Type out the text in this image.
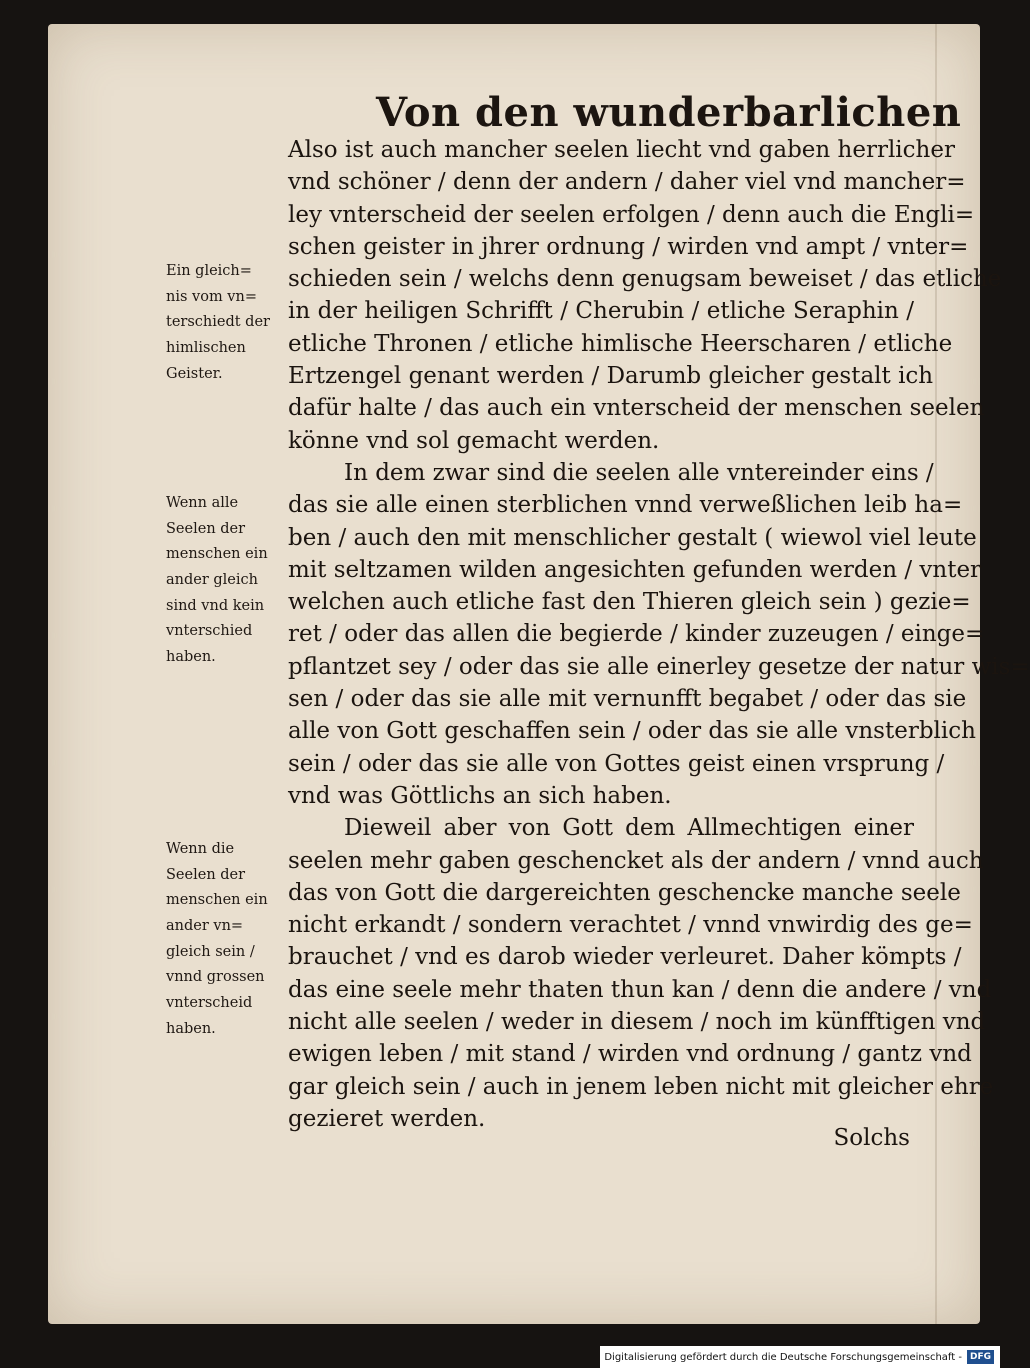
Von den wunderbarlichen
Also ist auch mancher seelen liecht vnd gaben herrlicher
vnd schöner / denn der andern / daher viel vnd mancher=
ley vnterscheid der seelen erfolgen / denn auch die Engli=
schen geister in jhrer ordnung / wirden vnd ampt / vnter=
schieden sein / welchs denn genugsam beweiset / das etliche
in der heiligen Schrifft / Cherubin / etliche Seraphin /
etliche Thronen / etliche himlische Heerscharen / etliche
Ertzengel genant werden / Darumb gleicher gestalt ich
dafür halte / das auch ein vnterscheid der menschen seelen
könne vnd sol gemacht werden.
In dem zwar sind die seelen alle vntereinder eins /
das sie alle einen sterblichen vnnd verweßlichen leib ha=
ben / auch den mit menschlicher gestalt ( wiewol viel leute
mit seltzamen wilden angesichten gefunden werden / vnter
welchen auch etliche fast den Thieren gleich sein ) gezie=
ret / oder das allen die begierde / kinder zuzeugen / einge=
pflantzet sey / oder das sie alle einerley gesetze der natur wis=
sen / oder das sie alle mit vernunfft begabet / oder das sie
alle von Gott geschaffen sein / oder das sie alle vnsterblich
sein / oder das sie alle von Gottes geist einen vrsprung /
vnd was Göttlichs an sich haben.
Dieweil aber von Gott dem Allmechtigen einer
seelen mehr gaben geschencket als der andern / vnnd auch
das von Gott die dargereichten geschencke manche seele
nicht erkandt / sondern verachtet / vnnd vnwirdig des ge=
brauchet / vnd es darob wieder verleuret. Daher kömpts /
das eine seele mehr thaten thun kan / denn die andere / vnd
nicht alle seelen / weder in diesem / noch im künfftigen vnd
ewigen leben / mit stand / wirden vnd ordnung / gantz vnd
gar gleich sein / auch in jenem leben nicht mit gleicher ehre
gezieret werden.
Ein gleich=
nis vom vn=
terschiedt der
himlischen
Geister.
Wenn alle
Seelen der
menschen ein
ander gleich
sind vnd kein
vnterschied
haben.
Wenn die
Seelen der
menschen ein
ander vn=
gleich sein /
vnnd grossen
vnterscheid
haben.
Solchs
Digitalisierung gefördert durch die Deutsche Forschungsgemeinschaft - DFG
